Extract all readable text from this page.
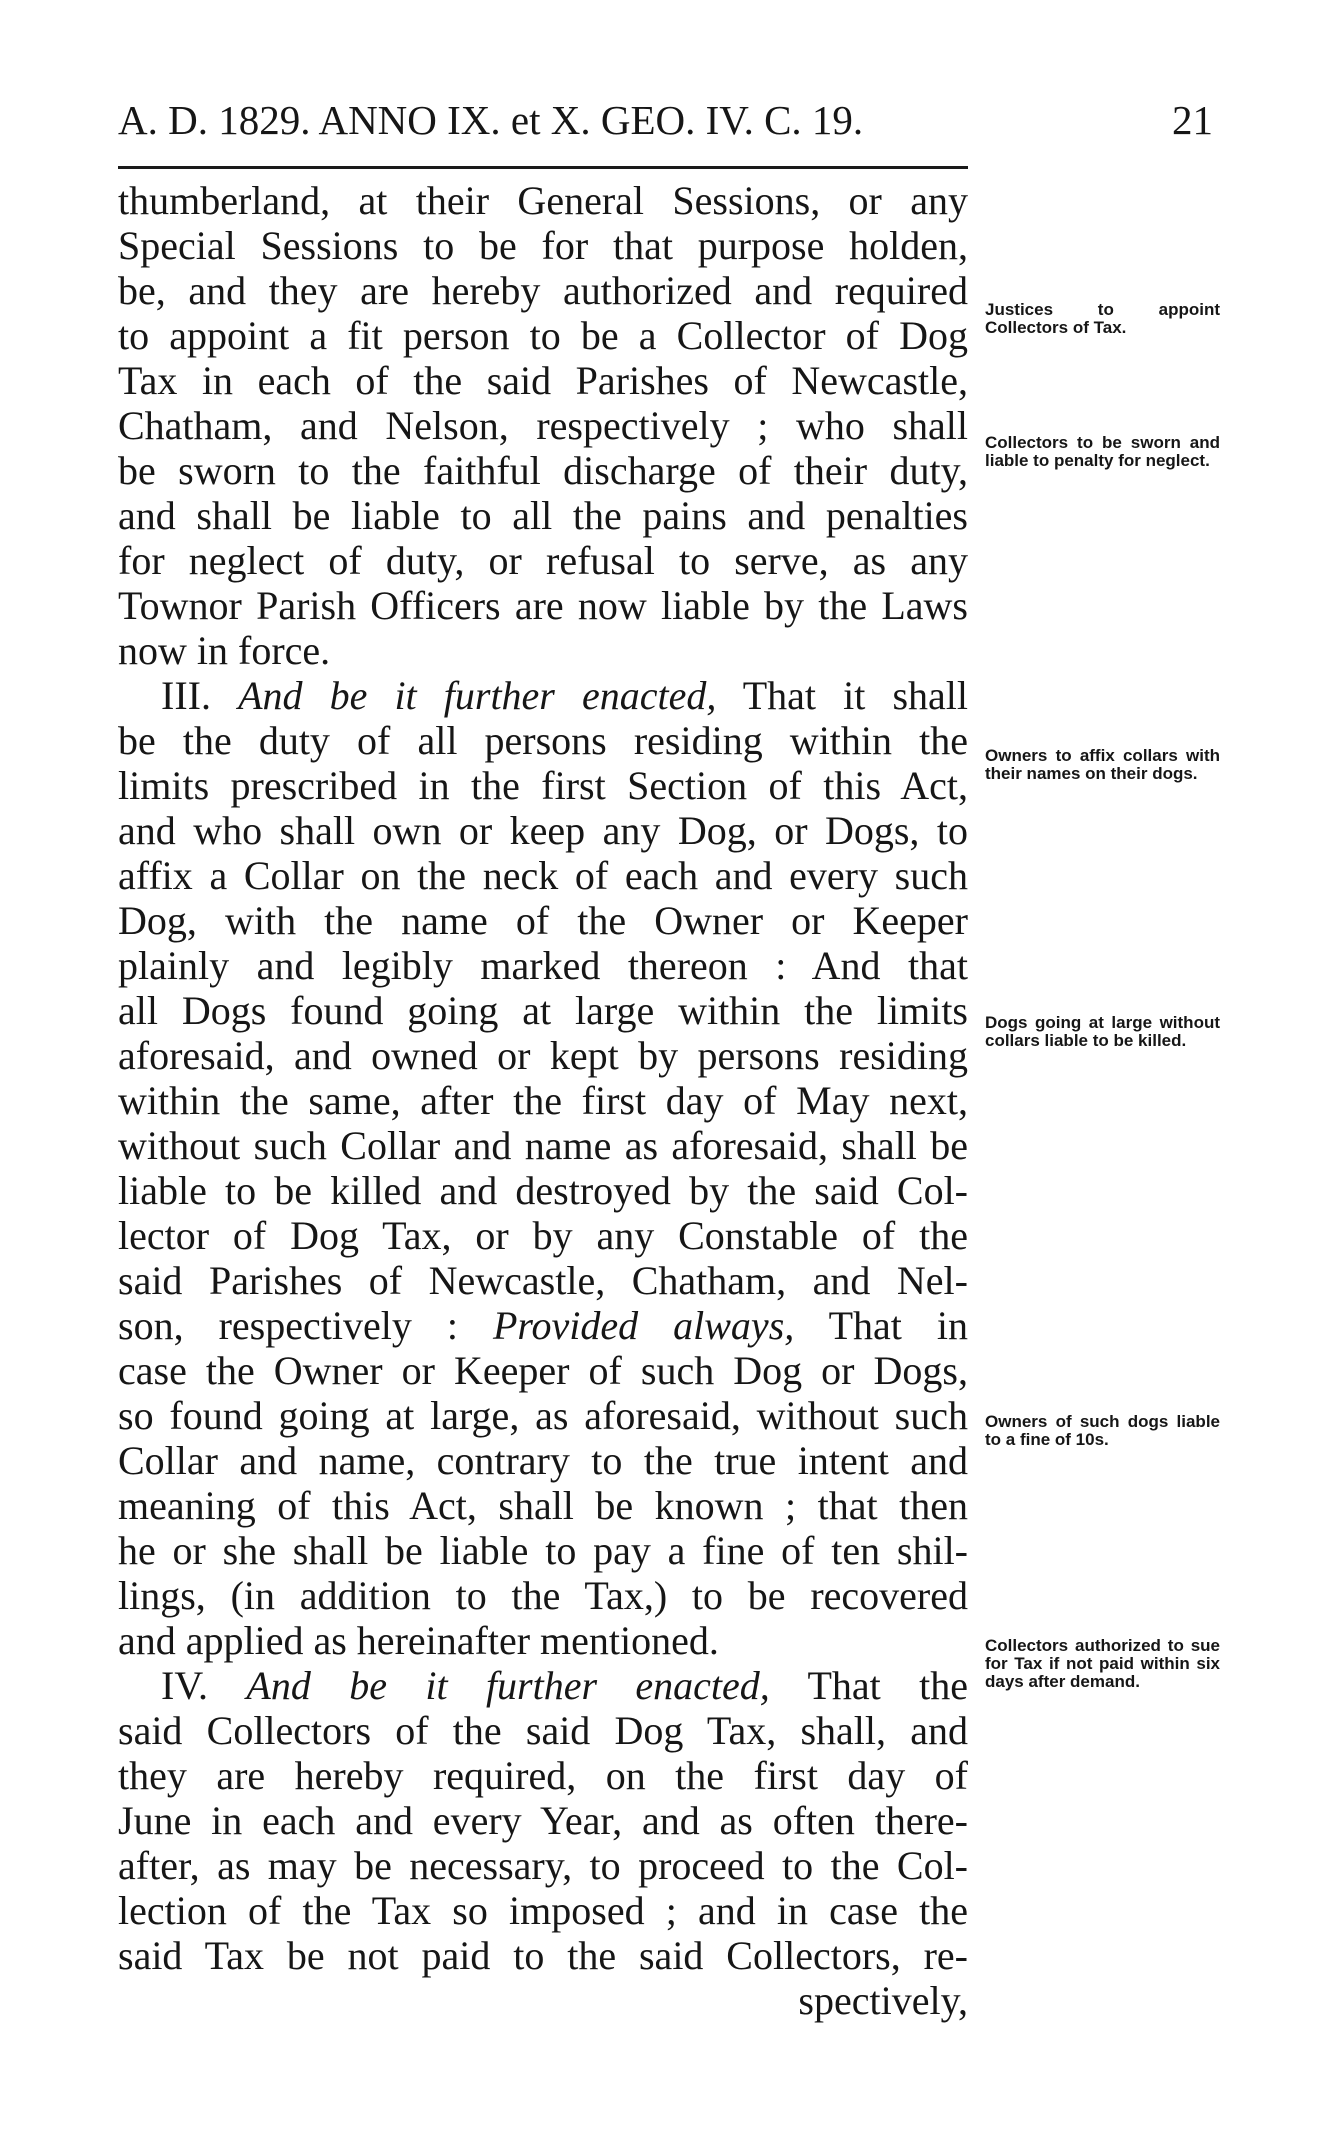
A. D. 1829. ANNO IX. et X. GEO. IV. C. 19.	21
thumberland, at their General Sessions, or any
Special Sessions to be for that purpose holden,
be, and they are hereby authorized and required
to appoint a fit person to be a Collector of Dog
Tax in each of the said Parishes of Newcastle,
Chatham, and Nelson, respectively ; who shall
be sworn to the faithful discharge of their duty,
and shall be liable to all the pains and penalties
for neglect of duty, or refusal to serve, as any
Townor Parish Officers are now liable by the Laws
now in force.
III. And be it further enacted, That it shall
be the duty of all persons residing within the
limits prescribed in the first Section of this Act,
and who shall own or keep any Dog, or Dogs, to
affix a Collar on the neck of each and every such
Dog, with the name of the Owner or Keeper
plainly and legibly marked thereon : And that
all Dogs found going at large within the limits
aforesaid, and owned or kept by persons residing
within the same, after the first day of May next,
without such Collar and name as aforesaid, shall be
liable to be killed and destroyed by the said Col-
lector of Dog Tax, or by any Constable of the
said Parishes of Newcastle, Chatham, and Nel-
son, respectively : Provided always, That in
case the Owner or Keeper of such Dog or Dogs,
so found going at large, as aforesaid, without such
Collar and name, contrary to the true intent and
meaning of this Act, shall be known ; that then
he or she shall be liable to pay a fine of ten shil-
lings, (in addition to the Tax,) to be recovered
and applied as hereinafter mentioned.
IV. And be it further enacted, That the
said Collectors of the said Dog Tax, shall, and
they are hereby required, on the first day of
June in each and every Year, and as often there-
after, as may be necessary, to proceed to the Col-
lection of the Tax so imposed ; and in case the
said Tax be not paid to the said Collectors, re-
spectively,
Justices to appoint Collectors of Tax.
Collectors to be sworn and liable to penalty for neglect.
Owners to affix collars with their names on their dogs.
Dogs going at large without collars liable to be killed.
Owners of such dogs liable to a fine of 10s.
Collectors authorized to sue for Tax if not paid within six days after demand.
